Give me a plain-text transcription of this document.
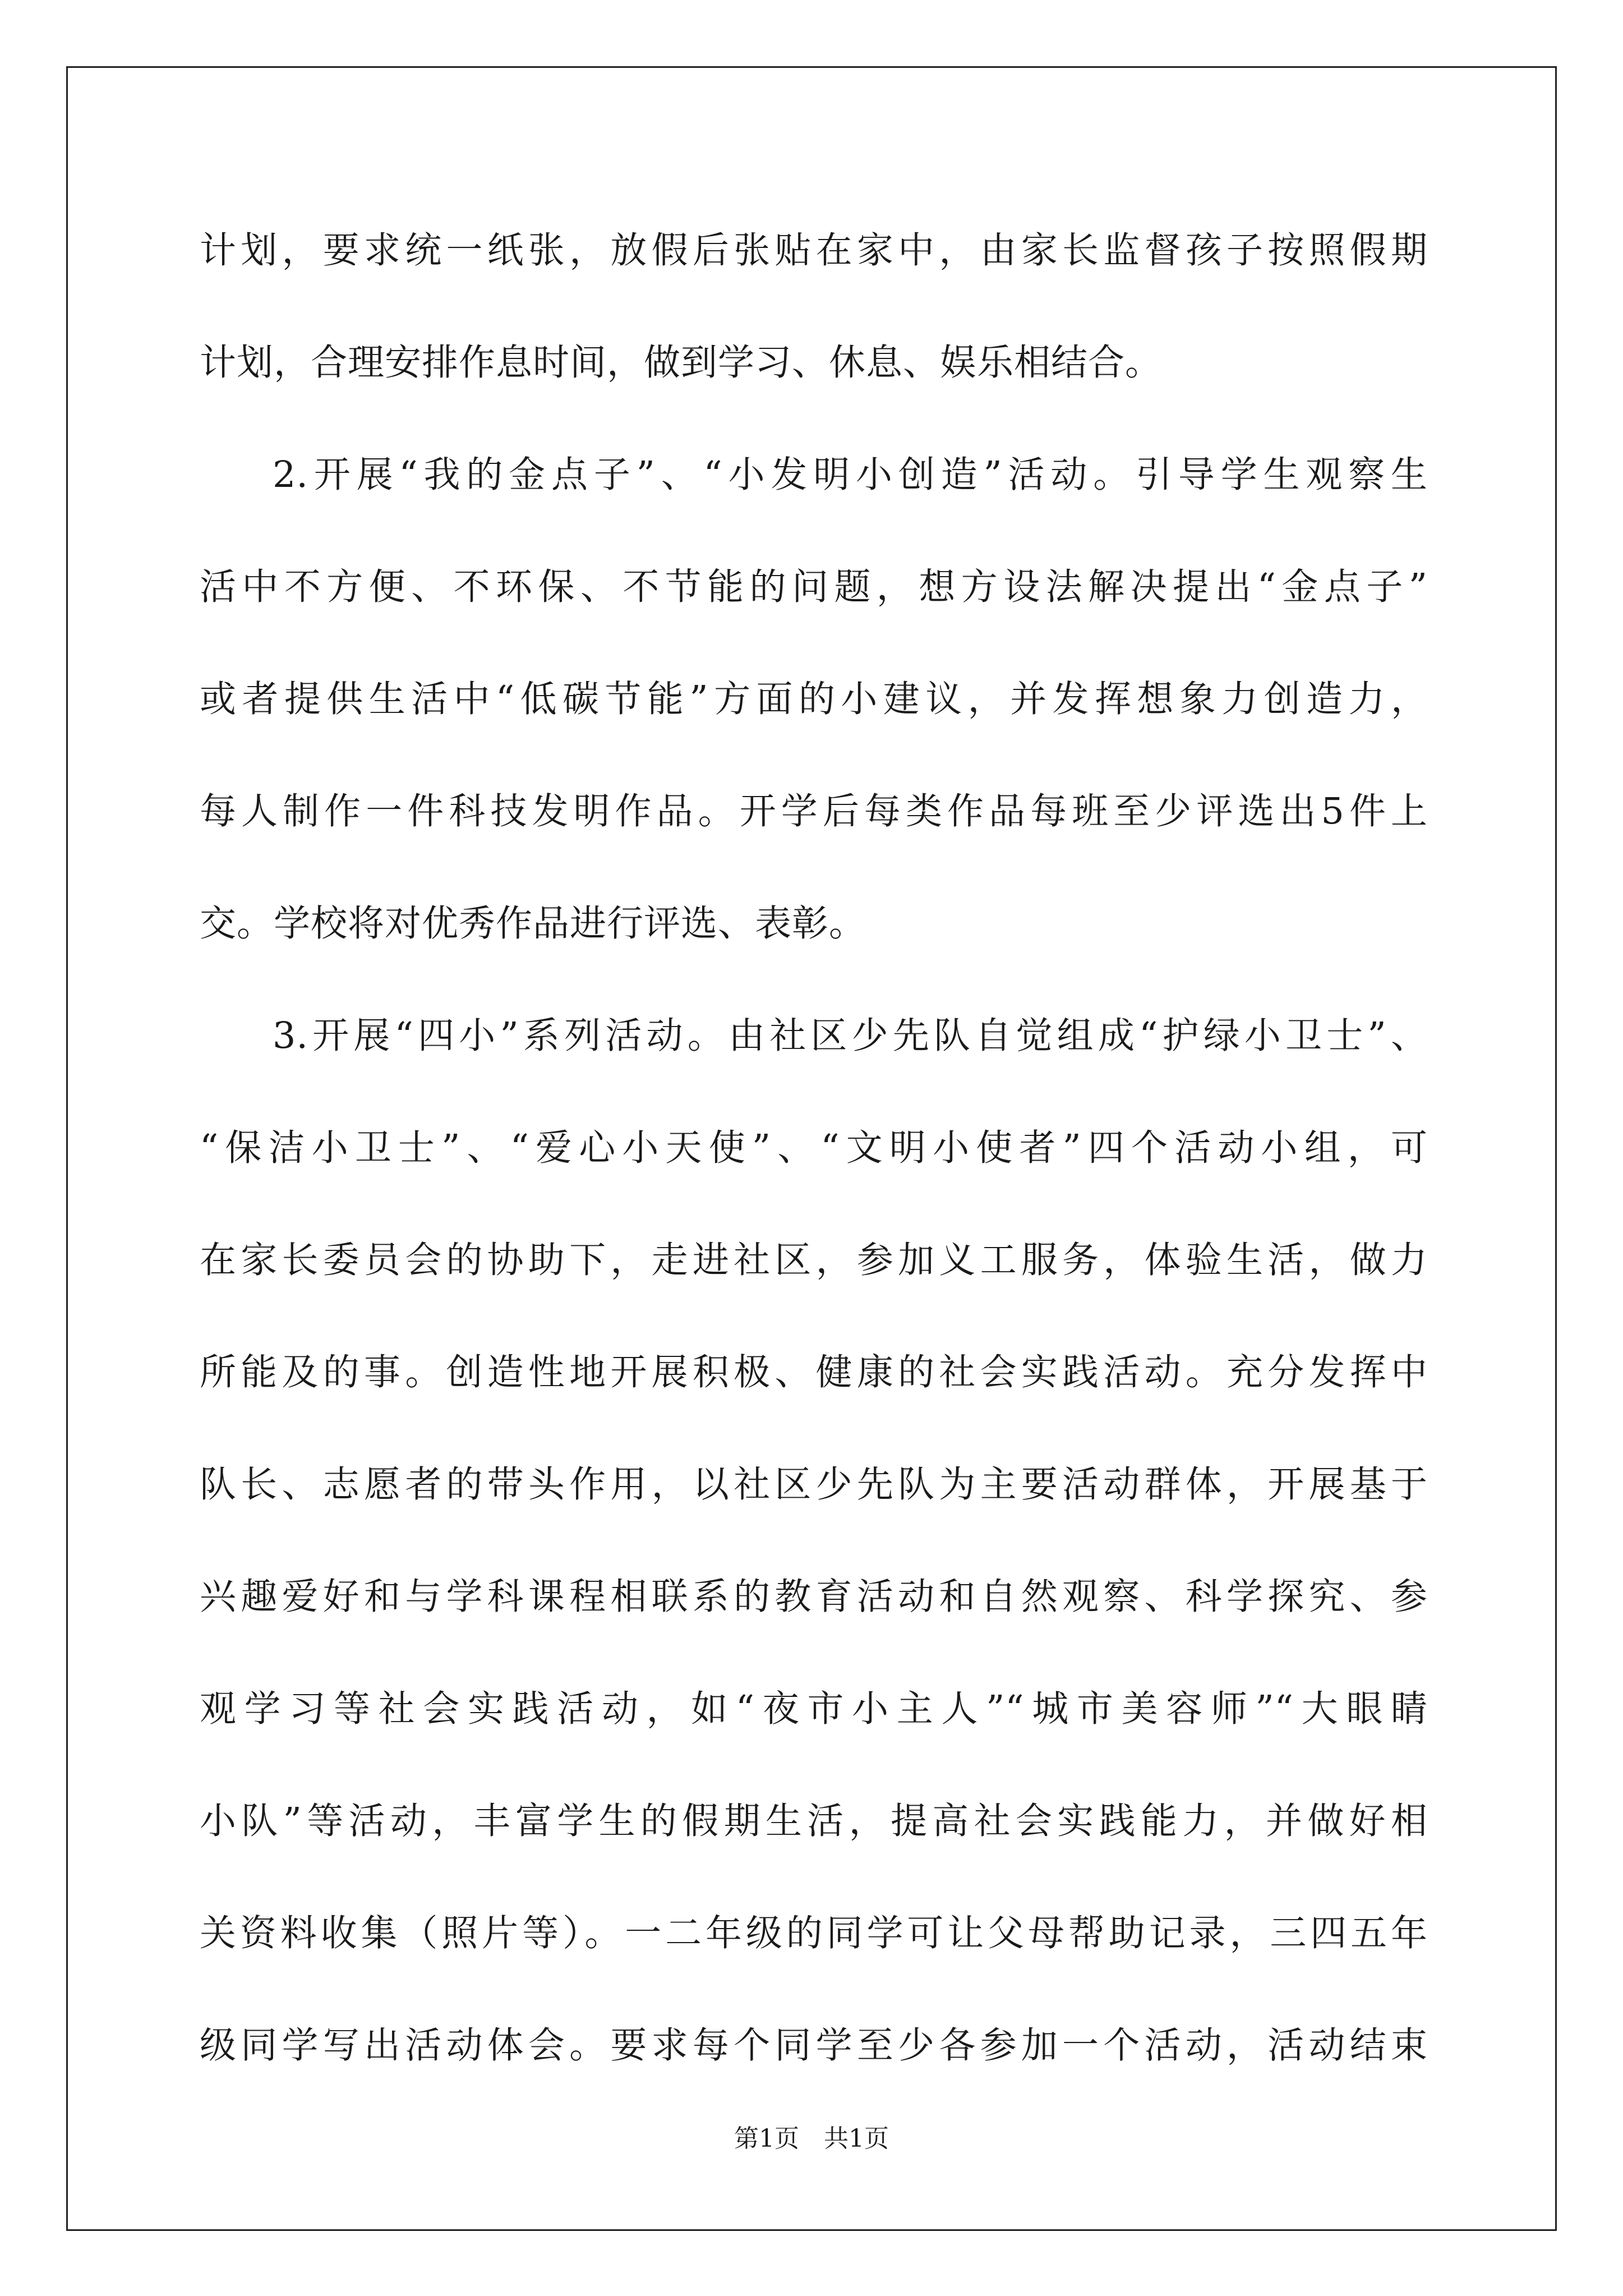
计划，要求统一纸张，放假后张贴在家中，由家长监督孩子按照假期
计划，合理安排作息时间，做到学习、休息、娱乐相结合。
2.开展“我的金点子”、“小发明小创造”活动。引导学生观察生
活中不方便、不环保、不节能的问题，想方设法解决提出“金点子”
或者提供生活中“低碳节能”方面的小建议，并发挥想象力创造力，
每人制作一件科技发明作品。开学后每类作品每班至少评选出5件上
交。学校将对优秀作品进行评选、表彰。
3.开展“四小”系列活动。由社区少先队自觉组成“护绿小卫士”、
“保洁小卫士”、“爱心小天使”、“文明小使者”四个活动小组，可
在家长委员会的协助下，走进社区，参加义工服务，体验生活，做力
所能及的事。创造性地开展积极、健康的社会实践活动。充分发挥中
队长、志愿者的带头作用，以社区少先队为主要活动群体，开展基于
兴趣爱好和与学科课程相联系的教育活动和自然观察、科学探究、参
观学习等社会实践活动，如“夜市小主人”“城市美容师”“大眼睛
小队”等活动，丰富学生的假期生活，提高社会实践能力，并做好相
关资料收集（照片等）。一二年级的同学可让父母帮助记录，三四五年
级同学写出活动体会。要求每个同学至少各参加一个活动，活动结束
第1页　共1页
